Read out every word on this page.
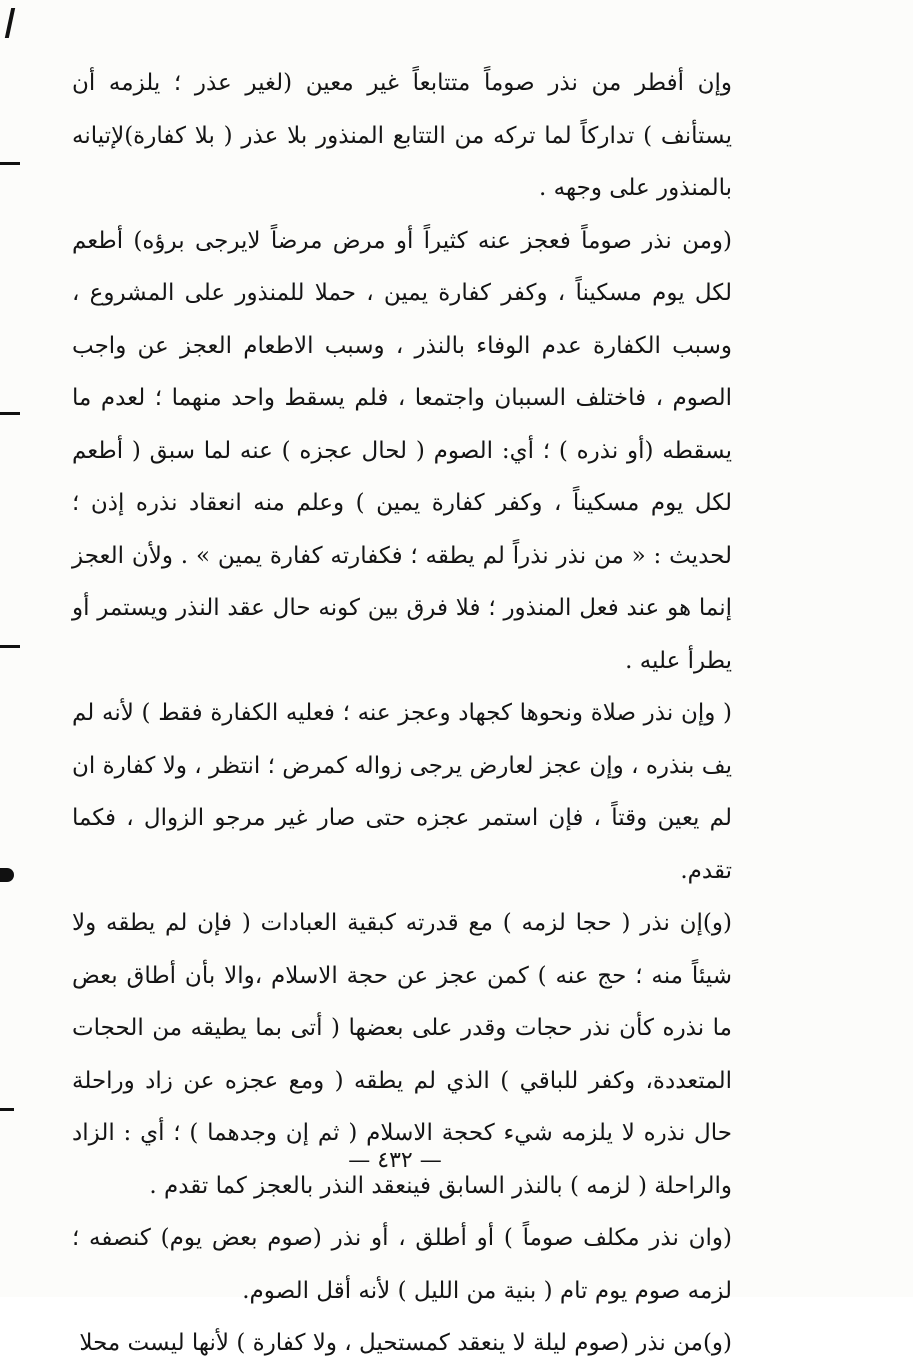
وإن أفطر من نذر صوماً متتابعاً غير معين (لغير عذر ؛ يلزمه أن يستأنف ) تداركاً لما تركه من التتابع المنذور بلا عذر ( بلا كفارة)لإتيانه بالمنذور على وجهه .

(ومن نذر صوماً فعجز عنه كثيراً أو مرض مرضاً لايرجى برؤه) أطعم لكل يوم مسكيناً ، وكفر كفارة يمين ، حملا للمنذور على المشروع ، وسبب الكفارة عدم الوفاء بالنذر ، وسبب الاطعام العجز عن واجب الصوم ، فاختلف السببان واجتمعا ، فلم يسقط واحد منهما ؛ لعدم ما يسقطه (أو نذره ) ؛ أي: الصوم ( لحال عجزه ) عنه لما سبق ( أطعم لكل يوم مسكيناً ، وكفر كفارة يمين ) وعلم منه انعقاد نذره إذن ؛ لحديث : « من نذر نذراً لم يطقه ؛ فكفارته كفارة يمين » . ولأن العجز إنما هو عند فعل المنذور ؛ فلا فرق بين كونه حال عقد النذر ويستمر أو يطرأ عليه .

( وإن نذر صلاة ونحوها كجهاد وعجز عنه ؛ فعليه الكفارة فقط ) لأنه لم يف بنذره ، وإن عجز لعارض يرجى زواله كمرض ؛ انتظر ، ولا كفارة ان لم يعين وقتاً ، فإن استمر عجزه حتى صار غير مرجو الزوال ، فكما تقدم.

(و)إن نذر ( حجا لزمه ) مع قدرته كبقية العبادات ( فإن لم يطقه ولا شيئاً منه ؛ حج عنه ) كمن عجز عن حجة الاسلام ،والا بأن أطاق بعض ما نذره كأن نذر حجات وقدر على بعضها ( أتى بما يطيقه من الحجات المتعددة، وكفر للباقي ) الذي لم يطقه ( ومع عجزه عن زاد وراحلة حال نذره لا يلزمه شيء كحجة الاسلام ( ثم إن وجدهما ) ؛ أي : الزاد والراحلة ( لزمه ) بالنذر السابق فينعقد النذر بالعجز كما تقدم .

(وان نذر مكلف صوماً ) أو أطلق ، أو نذر (صوم بعض يوم) كنصفه ؛ لزمه صوم يوم تام ( بنية من الليل ) لأنه أقل الصوم.

(و)من نذر (صوم ليلة لا ينعقد كمستحيل ، ولا كفارة ) لأنها ليست محلا

— ٤٣٢ —
